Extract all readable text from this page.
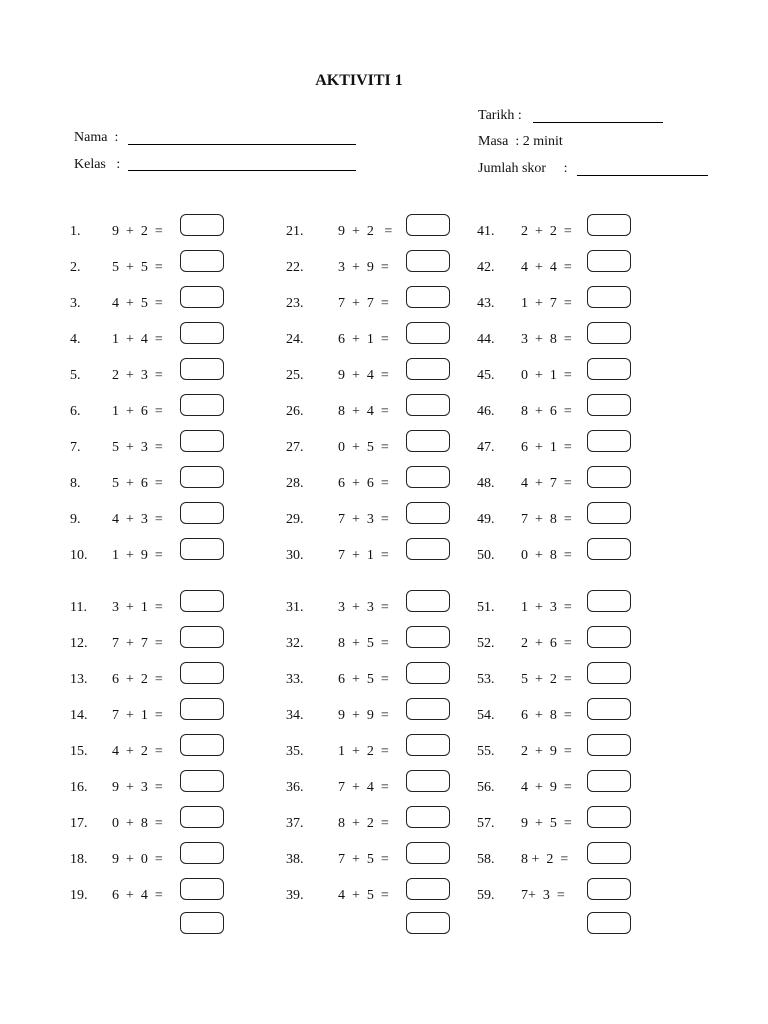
AKTIVITI 1
Nama  :
Kelas   :
Tarikh :
Masa : 2 minit
Jumlah skor :
1. 9  +  2  =
2. 5  +  5  =
3. 4  +  5  =
4. 1  +  4  =
5. 2  +  3  =
6. 1  +  6  =
7. 5  +  3  =
8. 5  +  6  =
9. 4  +  3  =
10. 1  +  9  =
11. 3  +  1  =
12. 7  +  7  =
13. 6  +  2  =
14. 7  +  1  =
15. 4  +  2  =
16. 9  +  3  =
17. 0  +  8  =
18. 9  +  0  =
19. 6  +  4  =
21. 9  +  2   =
22. 3  +  9  =
23. 7  +  7  =
24. 6  +  1  =
25. 9  +  4  =
26. 8  +  4  =
27. 0  +  5  =
28. 6  +  6  =
29. 7  +  3  =
30. 7  +  1  =
31. 3  +  3  =
32. 8  +  5  =
33. 6  +  5  =
34. 9  +  9  =
35. 1  +  2  =
36. 7  +  4  =
37. 8  +  2  =
38. 7  +  5  =
39. 4  +  5  =
41. 2  +  2  =
42. 4  +  4  =
43. 1  +  7  =
44. 3  +  8  =
45. 0  +  1  =
46. 8  +  6  =
47. 6  +  1  =
48. 4  +  7  =
49. 7  +  8  =
50. 0  +  8  =
51. 1  +  3  =
52. 2  +  6  =
53. 5  +  2  =
54. 6  +  8  =
55. 2  +  9  =
56. 4  +  9  =
57. 9  +  5  =
58. 8 +  2  =
59. 7+  3  =
